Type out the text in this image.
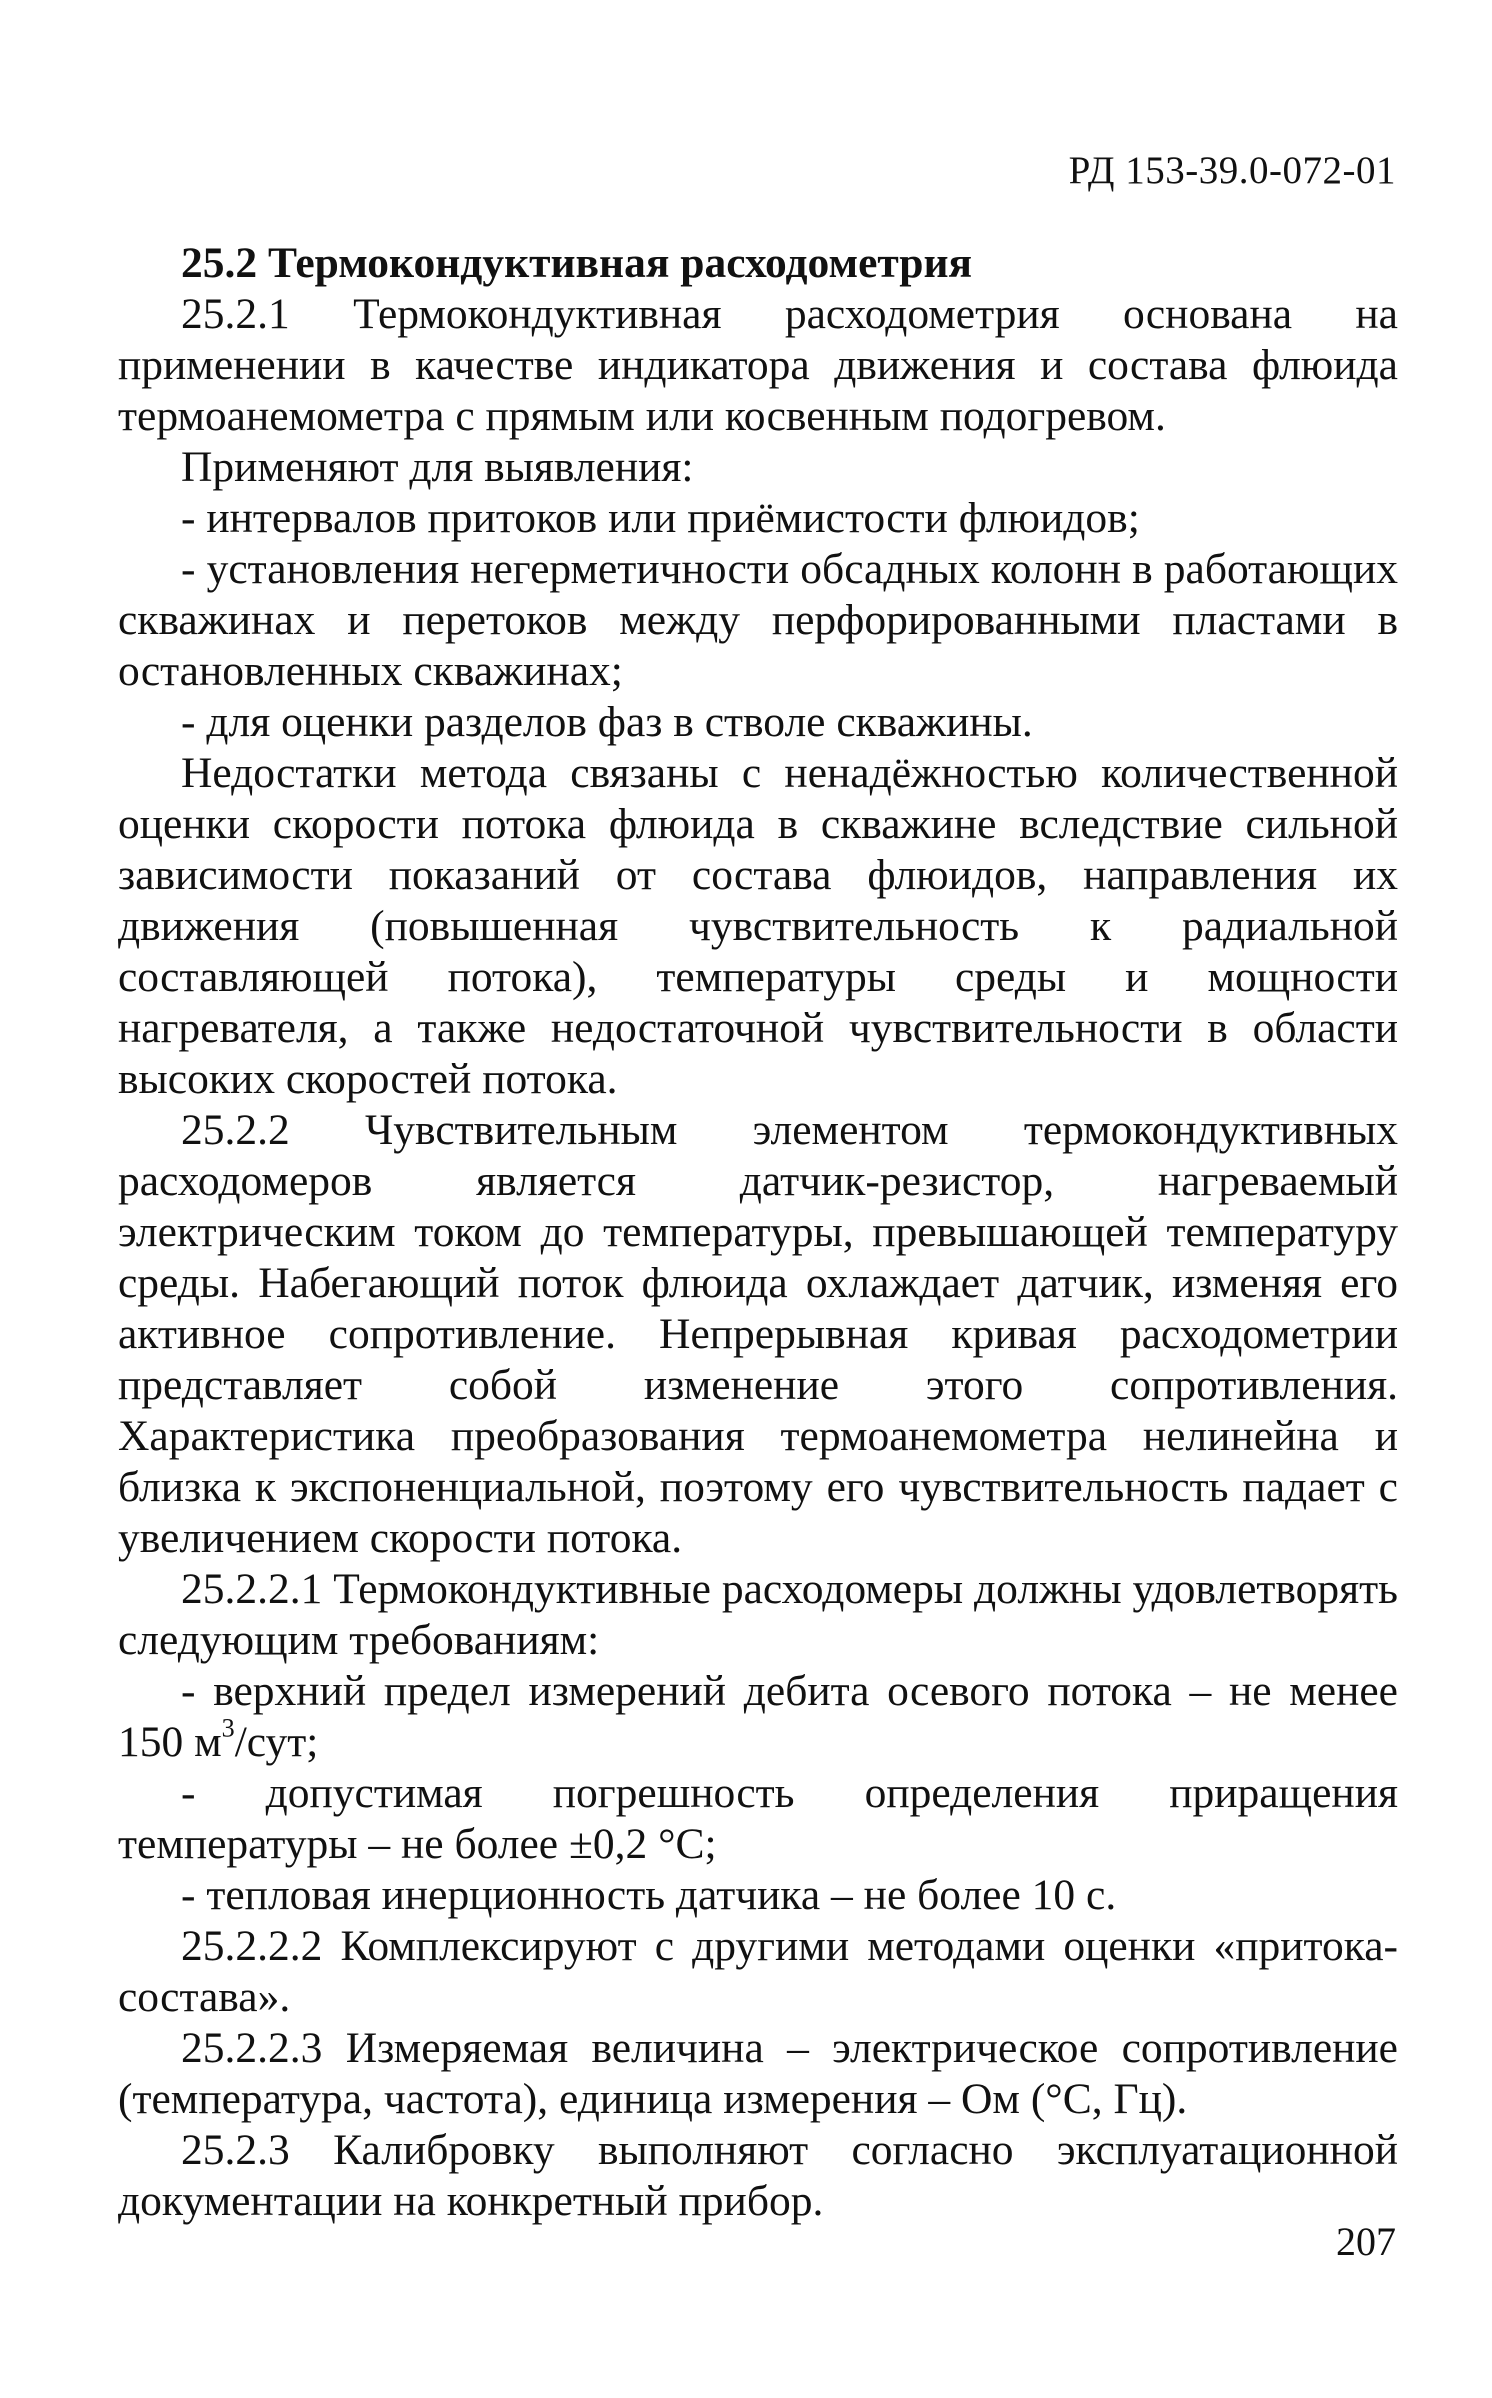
РД 153-39.0-072-01

25.2 Термокондуктивная расходометрия

25.2.1 Термокондуктивная расходометрия основана на применении в качестве индикатора движения и состава флюида термоанемометра с прямым или косвенным подогревом.

Применяют для выявления:

- интервалов притоков или приёмистости флюидов;

- установления негерметичности обсадных колонн в работающих скважинах и перетоков между перфорированными пластами в остановленных скважинах;

- для оценки разделов фаз в стволе скважины.

Недостатки метода связаны с ненадёжностью количественной оценки скорости потока флюида в скважине вследствие сильной зависимости показаний от состава флюидов, направления их движения (повышенная чувствительность к радиальной составляющей потока), температуры среды и мощности нагревателя, а также недостаточной чувствительности в области высоких скоростей потока.

25.2.2 Чувствительным элементом термокондуктивных расходомеров является датчик-резистор, нагреваемый электрическим током до температуры, превышающей температуру среды. Набегающий поток флюида охлаждает датчик, изменяя его активное сопротивление. Непрерывная кривая расходометрии представляет собой изменение этого сопротивления. Характеристика преобразования термоанемометра нелинейна и близка к экспоненциальной, поэтому его чувствительность падает с увеличением скорости потока.

25.2.2.1 Термокондуктивные расходомеры должны удовлетворять следующим требованиям:

- верхний предел измерений дебита осевого потока – не менее 150 $м^3$/сут;

- допустимая погрешность определения приращения температуры – не более ±0,2 °С;

- тепловая инерционность датчика – не более 10 с.

25.2.2.2 Комплексируют с другими методами оценки «притока-состава».

25.2.2.3 Измеряемая величина – электрическое сопротивление (температура, частота), единица измерения – Ом (°С, Гц).

25.2.3 Калибровку выполняют согласно эксплуатационной документации на конкретный прибор.

207
